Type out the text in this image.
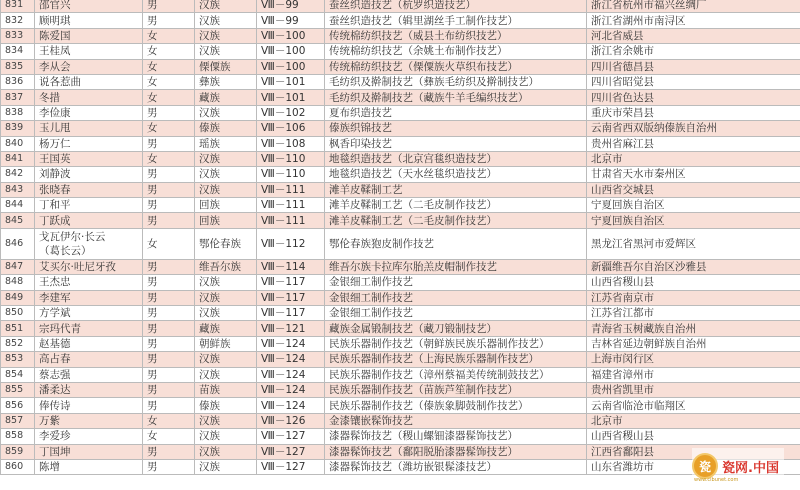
831	邵官兴	男	汉族	Ⅷ－99	蚕丝织造技艺（杭罗织造技艺）	浙江省杭州市福兴丝绸厂
832	顾明琪	男	汉族	Ⅷ－99	蚕丝织造技艺（辑里湖丝手工制作技艺）	浙江省湖州市南浔区
833	陈爱国	女	汉族	Ⅷ－100	传统棉纺织技艺（威县土布纺织技艺）	河北省威县
834	王桂凤	女	汉族	Ⅷ－100	传统棉纺织技艺（余姚土布制作技艺）	浙江省余姚市
835	李从会	女	傈僳族	Ⅷ－100	传统棉纺织技艺（傈僳族火草织布技艺）	四川省德昌县
836	说各惹曲	女	彝族	Ⅷ－101	毛纺织及擀制技艺（彝族毛纺织及擀制技艺）	四川省昭觉县
837	冬措	女	藏族	Ⅷ－101	毛纺织及擀制技艺（藏族牛羊毛编织技艺）	四川省色达县
838	李俭康	男	汉族	Ⅷ－102	夏布织造技艺	重庆市荣昌县
839	玉儿甩	女	傣族	Ⅷ－106	傣族织锦技艺	云南省西双版纳傣族自治州
840	杨万仁	男	瑶族	Ⅷ－108	枫香印染技艺	贵州省麻江县
841	王国英	女	汉族	Ⅷ－110	地毯织造技艺（北京宫毯织造技艺）	北京市
842	刘静波	男	汉族	Ⅷ－110	地毯织造技艺（天水丝毯织造技艺）	甘肃省天水市秦州区
843	张晓春	男	汉族	Ⅷ－111	滩羊皮鞣制工艺	山西省交城县
844	丁和平	男	回族	Ⅷ－111	滩羊皮鞣制工艺（二毛皮制作技艺）	宁夏回族自治区
845	丁跃成	男	回族	Ⅷ－111	滩羊皮鞣制工艺（二毛皮制作技艺）	宁夏回族自治区
846	戈瓦伊尔·长云
（葛长云）	女	鄂伦春族	Ⅷ－112	鄂伦春族狍皮制作技艺	黑龙江省黑河市爱辉区
847	艾买尔·吐尼牙孜	男	维吾尔族	Ⅷ－114	维吾尔族卡拉库尔胎羔皮帽制作技艺	新疆维吾尔自治区沙雅县
848	王杰忠	男	汉族	Ⅷ－117	金银细工制作技艺	山西省稷山县
849	李建军	男	汉族	Ⅷ－117	金银细工制作技艺	江苏省南京市
850	方学斌	男	汉族	Ⅷ－117	金银细工制作技艺	江苏省江都市
851	宗玛代青	男	藏族	Ⅷ－121	藏族金属锻制技艺（藏刀锻制技艺）	青海省玉树藏族自治州
852	赵基德	男	朝鲜族	Ⅷ－124	民族乐器制作技艺（朝鲜族民族乐器制作技艺）	吉林省延边朝鲜族自治州
853	高占春	男	汉族	Ⅷ－124	民族乐器制作技艺（上海民族乐器制作技艺）	上海市闵行区
854	蔡志强	男	汉族	Ⅷ－124	民族乐器制作技艺（漳州蔡福美传统制鼓技艺）	福建省漳州市
855	潘柔达	男	苗族	Ⅷ－124	民族乐器制作技艺（苗族芦笙制作技艺）	贵州省凯里市
856	俸传诗	男	傣族	Ⅷ－124	民族乐器制作技艺（傣族象脚鼓制作技艺）	云南省临沧市临翔区
857	万紫	女	汉族	Ⅷ－126	金漆镶嵌髹饰技艺	北京市
858	李爱珍	女	汉族	Ⅷ－127	漆器髹饰技艺（稷山螺钿漆器髹饰技艺）	山西省稷山县
859	丁国坤	男	汉族	Ⅷ－127	漆器髹饰技艺（鄱阳脱胎漆器髹饰技艺）	江西省鄱阳县
860	陈增	男	汉族	Ⅷ－127	漆器髹饰技艺（潍坊嵌银髹漆技艺）	山东省潍坊市	瓷 瓷网.中国
www.cibunet.com
